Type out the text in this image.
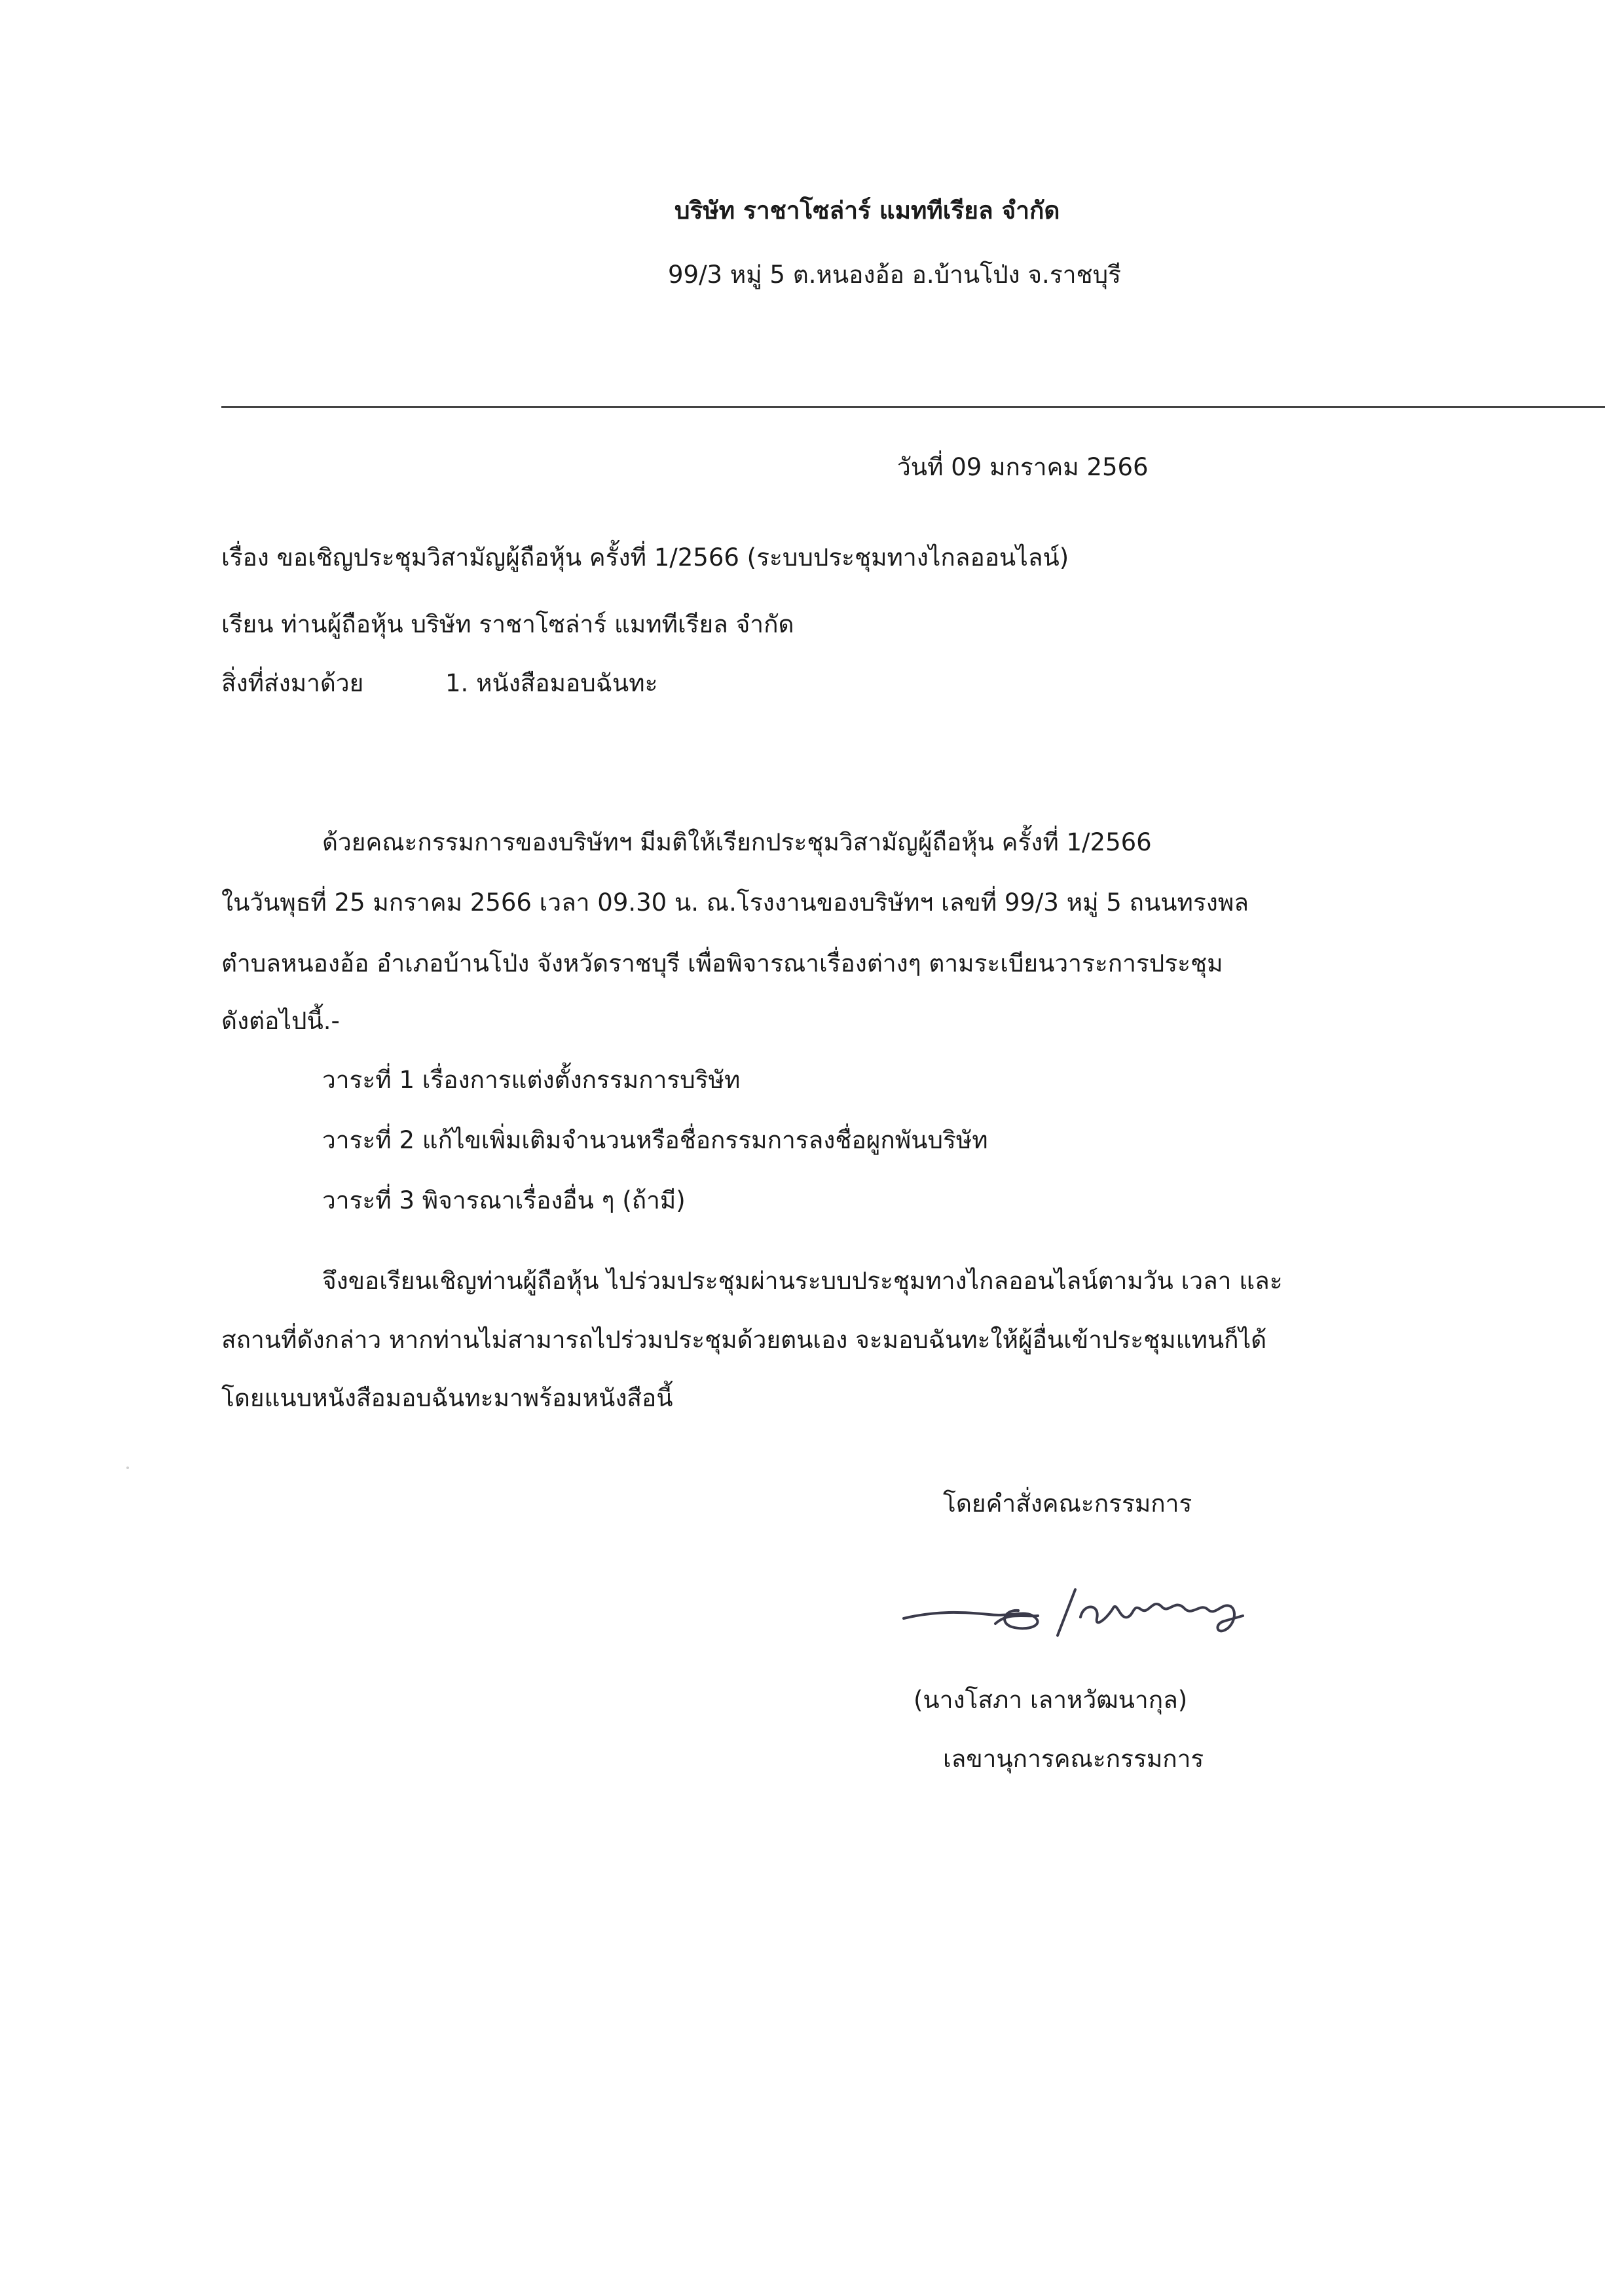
บริษัท ราชาโซล่าร์ แมททีเรียล จำกัด

99/3 หมู่ 5 ต.หนองอ้อ อ.บ้านโป่ง จ.ราชบุรี

วันที่ 09 มกราคม 2566

เรื่อง ขอเชิญประชุมวิสามัญผู้ถือหุ้น ครั้งที่ 1/2566 (ระบบประชุมทางไกลออนไลน์)

เรียน ท่านผู้ถือหุ้น บริษัท ราชาโซล่าร์ แมททีเรียล จำกัด

สิ่งที่ส่งมาด้วย	1. หนังสือมอบฉันทะ

ด้วยคณะกรรมการของบริษัทฯ มีมติให้เรียกประชุมวิสามัญผู้ถือหุ้น ครั้งที่ 1/2566

ในวันพุธที่ 25 มกราคม 2566 เวลา 09.30 น. ณ.โรงงานของบริษัทฯ เลขที่ 99/3 หมู่ 5 ถนนทรงพล

ตำบลหนองอ้อ อำเภอบ้านโป่ง จังหวัดราชบุรี เพื่อพิจารณาเรื่องต่างๆ ตามระเบียนวาระการประชุม

ดังต่อไปนี้.-

วาระที่ 1 เรื่องการแต่งตั้งกรรมการบริษัท

วาระที่ 2 แก้ไขเพิ่มเติมจำนวนหรือชื่อกรรมการลงชื่อผูกพันบริษัท

วาระที่ 3 พิจารณาเรื่องอื่น ๆ (ถ้ามี)

จึงขอเรียนเชิญท่านผู้ถือหุ้น ไปร่วมประชุมผ่านระบบประชุมทางไกลออนไลน์ตามวัน เวลา และ

สถานที่ดังกล่าว หากท่านไม่สามารถไปร่วมประชุมด้วยตนเอง จะมอบฉันทะให้ผู้อื่นเข้าประชุมแทนก็ได้

โดยแนบหนังสือมอบฉันทะมาพร้อมหนังสือนี้

โดยคำสั่งคณะกรรมการ

(นางโสภา เลาหวัฒนากุล)

เลขานุการคณะกรรมการ
